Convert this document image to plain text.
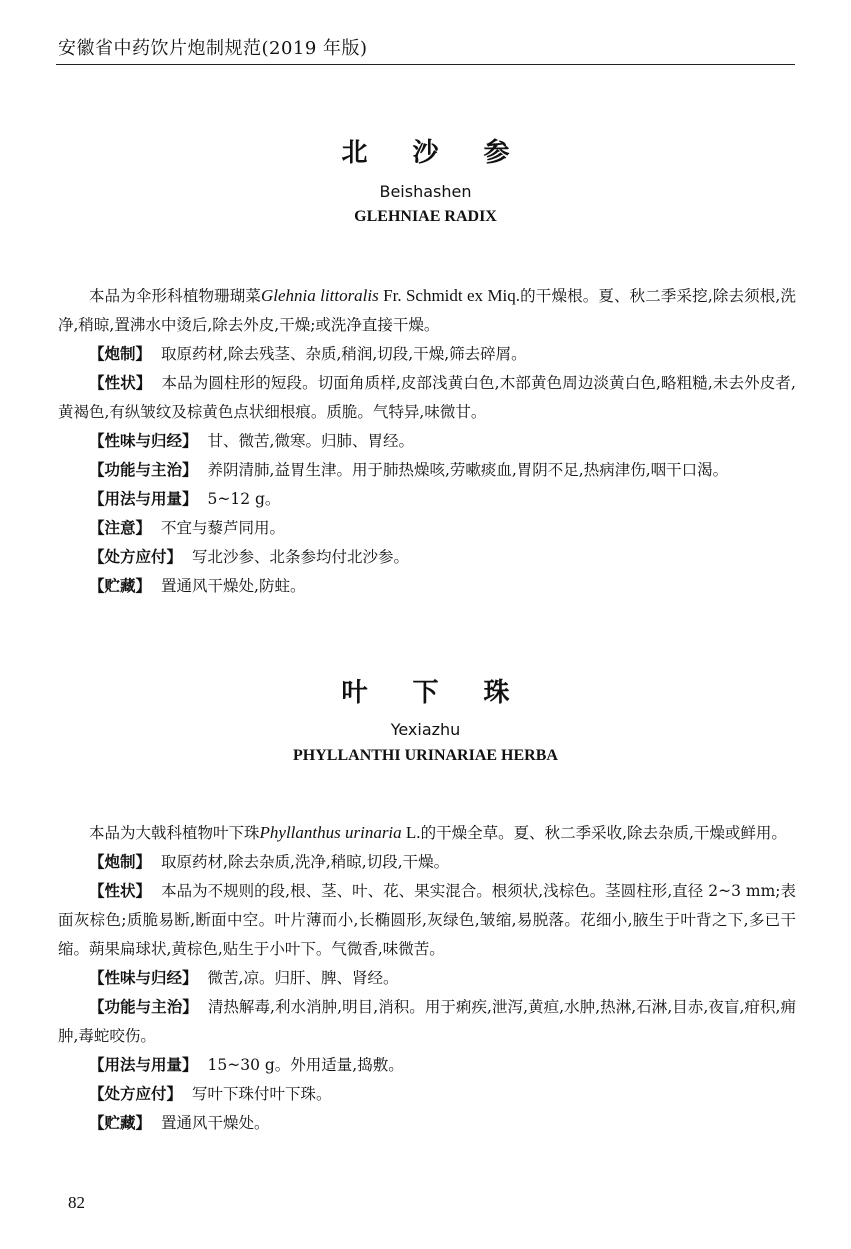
安徽省中药饮片炮制规范(2019 年版)
北 沙 参
Beishashen
GLEHNIAE RADIX

本品为伞形科植物珊瑚菜Glehnia littoralis Fr. Schmidt ex Miq.的干燥根。夏、秋二季采挖,除去须根,洗净,稍晾,置沸水中烫后,除去外皮,干燥;或洗净直接干燥。

【炮制】 取原药材,除去残茎、杂质,稍润,切段,干燥,筛去碎屑。

【性状】 本品为圆柱形的短段。切面角质样,皮部浅黄白色,木部黄色周边淡黄白色,略粗糙,未去外皮者,黄褐色,有纵皱纹及棕黄色点状细根痕。质脆。气特异,味微甘。

【性味与归经】 甘、微苦,微寒。归肺、胃经。

【功能与主治】 养阴清肺,益胃生津。用于肺热燥咳,劳嗽痰血,胃阴不足,热病津伤,咽干口渴。

【用法与用量】 5~12 g。

【注意】 不宜与藜芦同用。

【处方应付】 写北沙参、北条参均付北沙参。

【贮藏】 置通风干燥处,防蛀。

叶 下 珠
Yexiazhu
PHYLLANTHI URINARIAE HERBA

本品为大戟科植物叶下珠Phyllanthus urinaria L.的干燥全草。夏、秋二季采收,除去杂质,干燥或鲜用。

【炮制】 取原药材,除去杂质,洗净,稍晾,切段,干燥。

【性状】 本品为不规则的段,根、茎、叶、花、果实混合。根须状,浅棕色。茎圆柱形,直径 2~3 mm;表面灰棕色;质脆易断,断面中空。叶片薄而小,长椭圆形,灰绿色,皱缩,易脱落。花细小,腋生于叶背之下,多已干缩。蒴果扁球状,黄棕色,贴生于小叶下。气微香,味微苦。

【性味与归经】 微苦,凉。归肝、脾、肾经。

【功能与主治】 清热解毒,利水消肿,明目,消积。用于痢疾,泄泻,黄疸,水肿,热淋,石淋,目赤,夜盲,疳积,痈肿,毒蛇咬伤。

【用法与用量】 15~30 g。外用适量,捣敷。

【处方应付】 写叶下珠付叶下珠。

【贮藏】 置通风干燥处。

82
